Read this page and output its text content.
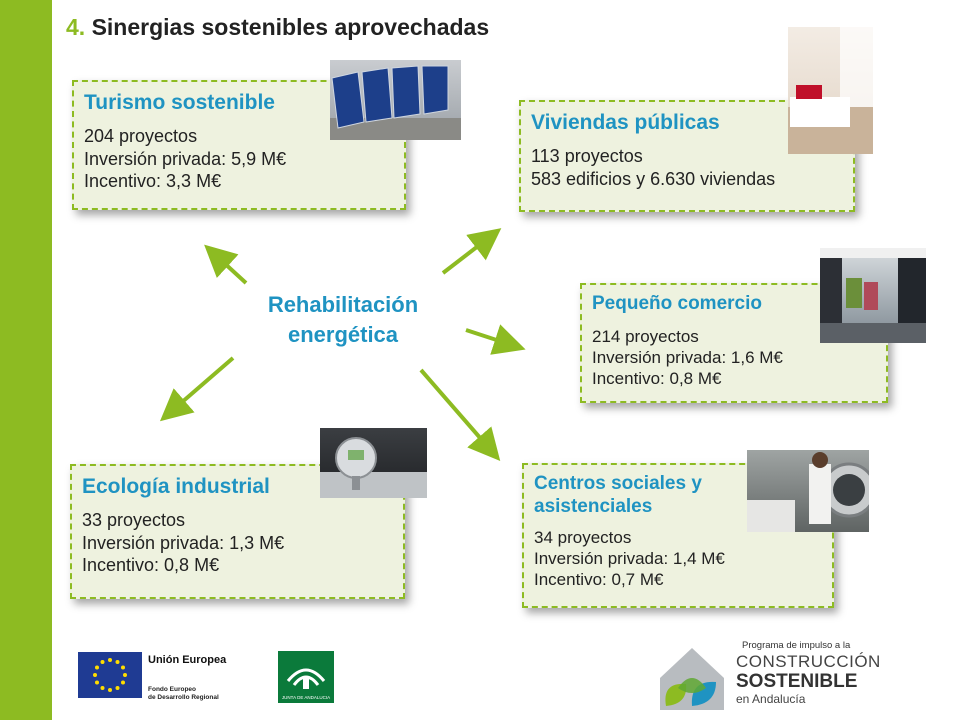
4. Sinergias sostenibles aprovechadas
Rehabilitación
energética
Turismo sostenible
204 proyectos
Inversión privada: 5,9 M€
Incentivo: 3,3 M€
Viviendas públicas
113 proyectos
583 edificios y 6.630 viviendas
Pequeño comercio
214 proyectos
Inversión privada: 1,6 M€
Incentivo: 0,8 M€
Ecología industrial
33 proyectos
Inversión privada: 1,3 M€
Incentivo: 0,8 M€
Centros sociales y
asistenciales
34 proyectos
Inversión privada: 1,4 M€
Incentivo: 0,7 M€
Unión Europea
Fondo Europeo
de Desarrollo Regional	JUNTA DE ANDALUCIA
Programa de impulso a la
CONSTRUCCIÓN
SOSTENIBLE
en Andalucía
